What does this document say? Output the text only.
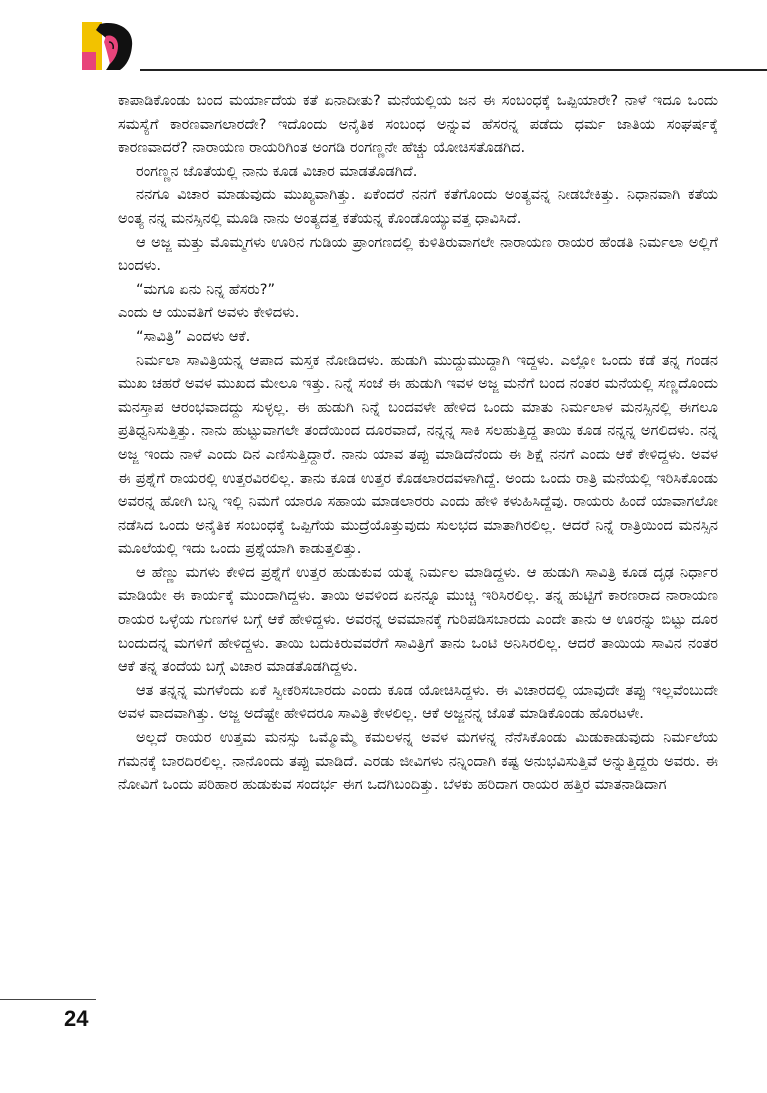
ಕಾಪಾಡಿಕೊಂಡು ಬಂದ ಮರ್ಯಾದೆಯ ಕತೆ ಏನಾದೀತು? ಮನೆಯಲ್ಲಿಯ ಜನ ಈ ಸಂಬಂಧಕ್ಕೆ ಒಪ್ಪಿಯಾರೇ? ನಾಳೆ ಇದೂ ಒಂದು ಸಮಸ್ಯೆಗೆ ಕಾರಣವಾಗಲಾರದೇ? ಇದೊಂದು ಅನೈತಿಕ ಸಂಬಂಧ ಅನ್ನುವ ಹೆಸರನ್ನ ಪಡೆದು ಧರ್ಮ ಜಾತಿಯ ಸಂಘರ್ಷಕ್ಕೆ ಕಾರಣವಾದರೆ? ನಾರಾಯಣ ರಾಯರಿಗಿಂತ ಅಂಗಡಿ ರಂಗಣ್ಣನೇ ಹೆಚ್ಚು ಯೋಚಿಸತೊಡಗಿದ.

ರಂಗಣ್ಣನ ಜೊತೆಯಲ್ಲಿ ನಾನು ಕೂಡ ವಿಚಾರ ಮಾಡತೊಡಗಿದೆ.

ನನಗೂ ವಿಚಾರ ಮಾಡುವುದು ಮುಖ್ಯವಾಗಿತ್ತು. ಏಕೆಂದರೆ ನನಗೆ ಕತೆಗೊಂದು ಅಂತ್ಯವನ್ನ ನೀಡಬೇಕಿತ್ತು. ನಿಧಾನವಾಗಿ ಕತೆಯ ಅಂತ್ಯ ನನ್ನ ಮನಸ್ಸಿನಲ್ಲಿ ಮೂಡಿ ನಾನು ಅಂತ್ಯದತ್ತ ಕತೆಯನ್ನ ಕೊಂಡೊಯ್ಯುವತ್ತ ಧಾವಿಸಿದೆ.

ಆ ಅಜ್ಜ ಮತ್ತು ಮೊಮ್ಮಗಳು ಊರಿನ ಗುಡಿಯ ಪ್ರಾಂಗಣದಲ್ಲಿ ಕುಳಿತಿರುವಾಗಲೇ ನಾರಾಯಣ ರಾಯರ ಹೆಂಡತಿ ನಿರ್ಮಲಾ ಅಲ್ಲಿಗೆ ಬಂದಳು.

“ಮಗೂ ಏನು ನಿನ್ನ ಹೆಸರು?”

ಎಂದು ಆ ಯುವತಿಗೆ ಅವಳು ಕೇಳಿದಳು.

“ಸಾವಿತ್ರಿ” ಎಂದಳು ಆಕೆ.

ನಿರ್ಮಲಾ ಸಾವಿತ್ರಿಯನ್ನ ಆಪಾದ ಮಸ್ತಕ ನೋಡಿದಳು. ಹುಡುಗಿ ಮುದ್ದುಮುದ್ದಾಗಿ ಇದ್ದಳು. ಎಲ್ಲೋ ಒಂದು ಕಡೆ ತನ್ನ ಗಂಡನ ಮುಖ ಚಹರೆ ಅವಳ ಮುಖದ ಮೇಲೂ ಇತ್ತು. ನಿನ್ನೆ ಸಂಜೆ ಈ ಹುಡುಗಿ ಇವಳ ಅಜ್ಜ ಮನೆಗೆ ಬಂದ ನಂತರ ಮನೆಯಲ್ಲಿ ಸಣ್ಣದೊಂದು ಮನಸ್ತಾಪ ಆರಂಭವಾದದ್ದು ಸುಳ್ಳಲ್ಲ. ಈ ಹುಡುಗಿ ನಿನ್ನೆ ಬಂದವಳೇ ಹೇಳಿದ ಒಂದು ಮಾತು ನಿರ್ಮಲಾಳ ಮನಸ್ಸಿನಲ್ಲಿ ಈಗಲೂ ಪ್ರತಿಧ್ವನಿಸುತ್ತಿತ್ತು. ನಾನು ಹುಟ್ಟುವಾಗಲೇ ತಂದೆಯಿಂದ ದೂರವಾದೆ, ನನ್ನನ್ನ ಸಾಕಿ ಸಲಹುತ್ತಿದ್ದ ತಾಯಿ ಕೂಡ ನನ್ನನ್ನ ಅಗಲಿದಳು. ನನ್ನ ಅಜ್ಜ ಇಂದು ನಾಳೆ ಎಂದು ದಿನ ಎಣಿಸುತ್ತಿದ್ದಾರೆ. ನಾನು ಯಾವ ತಪ್ಪು ಮಾಡಿದೆನೆಂದು ಈ ಶಿಕ್ಷೆ ನನಗೆ ಎಂದು ಆಕೆ ಕೇಳಿದ್ದಳು. ಅವಳ ಈ ಪ್ರಶ್ನೆಗೆ ರಾಯರಲ್ಲಿ ಉತ್ತರವಿರಲಿಲ್ಲ. ತಾನು ಕೂಡ ಉತ್ತರ ಕೊಡಲಾರದವಳಾಗಿದ್ದೆ. ಅಂದು ಒಂದು ರಾತ್ರಿ ಮನೆಯಲ್ಲಿ ಇರಿಸಿಕೊಂಡು ಅವರನ್ನ ಹೋಗಿ ಬನ್ನಿ ಇಲ್ಲಿ ನಿಮಗೆ ಯಾರೂ ಸಹಾಯ ಮಾಡಲಾರರು ಎಂದು ಹೇಳಿ ಕಳುಹಿಸಿದ್ದೆವು. ರಾಯರು ಹಿಂದೆ ಯಾವಾಗಲೋ ನಡೆಸಿದ ಒಂದು ಅನೈತಿಕ ಸಂಬಂಧಕ್ಕೆ ಒಪ್ಪಿಗೆಯ ಮುದ್ರೆಯೊತ್ತುವುದು ಸುಲಭದ ಮಾತಾಗಿರಲಿಲ್ಲ. ಆದರೆ ನಿನ್ನೆ ರಾತ್ರಿಯಿಂದ ಮನಸ್ಸಿನ ಮೂಲೆಯಲ್ಲಿ ಇದು ಒಂದು ಪ್ರಶ್ನೆಯಾಗಿ ಕಾಡುತ್ತಲಿತ್ತು.

ಆ ಹೆಣ್ಣು ಮಗಳು ಕೇಳಿದ ಪ್ರಶ್ನೆಗೆ ಉತ್ತರ ಹುಡುಕುವ ಯತ್ನ ನಿರ್ಮಲ ಮಾಡಿದ್ದಳು. ಆ ಹುಡುಗಿ ಸಾವಿತ್ರಿ ಕೂಡ ದೃಢ ನಿರ್ಧಾರ ಮಾಡಿಯೇ ಈ ಕಾರ್ಯಕ್ಕೆ ಮುಂದಾಗಿದ್ದಳು. ತಾಯಿ ಅವಳಿಂದ ಏನನ್ನೂ ಮುಚ್ಚಿ ಇರಿಸಿರಲಿಲ್ಲ. ತನ್ನ ಹುಟ್ಟಿಗೆ ಕಾರಣರಾದ ನಾರಾಯಣ ರಾಯರ ಒಳ್ಳೆಯ ಗುಣಗಳ ಬಗ್ಗೆ ಆಕೆ ಹೇಳಿದ್ದಳು. ಅವರನ್ನ ಅವಮಾನಕ್ಕೆ ಗುರಿಪಡಿಸಬಾರದು ಎಂದೇ ತಾನು ಆ ಊರನ್ನು ಬಿಟ್ಟು ದೂರ ಬಂದುದನ್ನ ಮಗಳಿಗೆ ಹೇಳಿದ್ದಳು. ತಾಯಿ ಬದುಕಿರುವವರೆಗೆ ಸಾವಿತ್ರಿಗೆ ತಾನು ಒಂಟಿ ಅನಿಸಿರಲಿಲ್ಲ. ಆದರೆ ತಾಯಿಯ ಸಾವಿನ ನಂತರ ಆಕೆ ತನ್ನ ತಂದೆಯ ಬಗ್ಗೆ ವಿಚಾರ ಮಾಡತೊಡಗಿದ್ದಳು.

ಆತ ತನ್ನನ್ನ ಮಗಳೆಂದು ಏಕೆ ಸ್ವೀಕರಿಸಬಾರದು ಎಂದು ಕೂಡ ಯೋಚಿಸಿದ್ದಳು. ಈ ವಿಚಾರದಲ್ಲಿ ಯಾವುದೇ ತಪ್ಪು ಇಲ್ಲವೆಂಬುದೇ ಅವಳ ವಾದವಾಗಿತ್ತು. ಅಜ್ಜ ಅದೆಷ್ಟೇ ಹೇಳಿದರೂ ಸಾವಿತ್ರಿ ಕೇಳಲಿಲ್ಲ. ಆಕೆ ಅಜ್ಜನನ್ನ ಜೊತೆ ಮಾಡಿಕೊಂಡು ಹೊರಟಳೇ.

ಅಲ್ಲದೆ ರಾಯರ ಉತ್ತಮ ಮನಸ್ಸು ಒಮ್ಮೊಮ್ಮೆ ಕಮಲಳನ್ನ ಅವಳ ಮಗಳನ್ನ ನೆನೆಸಿಕೊಂಡು ಮಿಡುಕಾಡುವುದು ನಿರ್ಮಲೆಯ ಗಮನಕ್ಕೆ ಬಾರದಿರಲಿಲ್ಲ. ನಾನೊಂದು ತಪ್ಪು ಮಾಡಿದೆ. ಎರಡು ಜೀವಿಗಳು ನನ್ನಿಂದಾಗಿ ಕಷ್ಟ ಅನುಭವಿಸುತ್ತಿವೆ ಅನ್ನುತ್ತಿದ್ದರು ಅವರು. ಈ ನೋವಿಗೆ ಒಂದು ಪರಿಹಾರ ಹುಡುಕುವ ಸಂದರ್ಭ ಈಗ ಒದಗಿಬಂದಿತ್ತು. ಬೆಳಕು ಹರಿದಾಗ ರಾಯರ ಹತ್ತಿರ ಮಾತನಾಡಿದಾಗ

24
